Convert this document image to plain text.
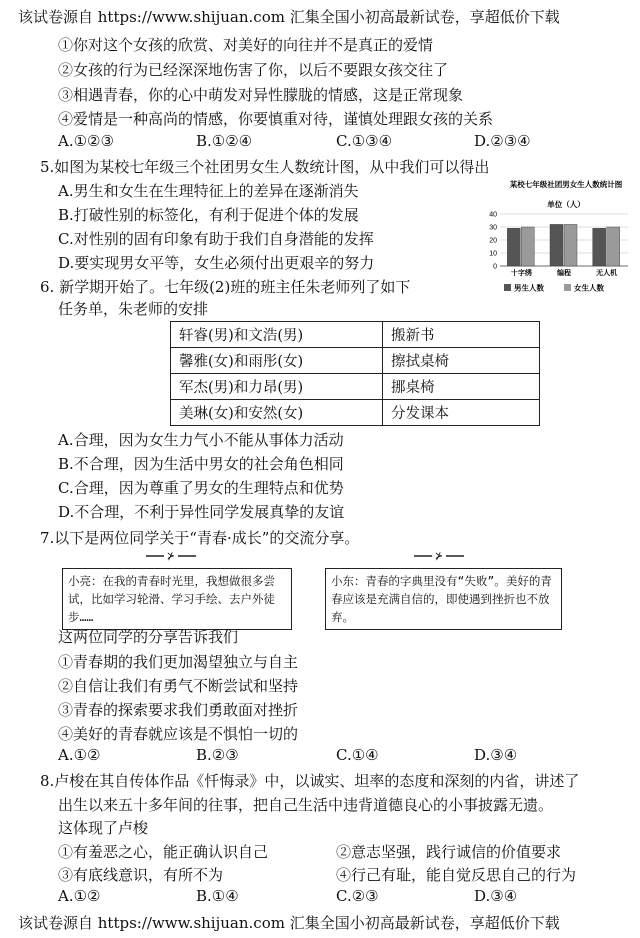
该试卷源自 https://www.shijuan.com 汇集全国小初高最新试卷，享超低价下载
①你对这个女孩的欣赏、对美好的向往并不是真正的爱情
②女孩的行为已经深深地伤害了你，以后不要跟女孩交往了
③相遇青春，你的心中萌发对异性朦胧的情感，这是正常现象
④爱情是一种高尚的情感，你要慎重对待，谨慎处理跟女孩的关系
A.①②③	B.①②④	C.①③④	D.②③④
5.如图为某校七年级三个社团男女生人数统计图，从中我们可以得出
A.男生和女生在生理特征上的差异在逐渐消失
B.打破性别的标签化，有利于促进个体的发展
C.对性别的固有印象有助于我们自身潜能的发挥
D.要实现男女平等，女生必须付出更艰辛的努力
某校七年级社团男女生人数统计图
单位（人）
0
10
20
30
40
十字绣	编程	无人机
男生人数	女生人数
6. 新学期开始了。七年级(2)班的班主任朱老师列了如下
任务单，朱老师的安排
轩睿(男)和文浩(男)	搬新书
馨雅(女)和雨彤(女)	擦拭桌椅
军杰(男)和力昂(男)	挪桌椅
美琳(女)和安然(女)	分发课本
A.合理，因为女生力气小不能从事体力活动
B.不合理，因为生活中男女的社会角色相同
C.合理，因为尊重了男女的生理特点和优势
D.不合理，不利于异性同学发展真挚的友谊
7.以下是两位同学关于“青春·成长”的交流分享。
⊁	⊁
小亮：在我的青春时光里，我想做很多尝试，比如学习轮滑、学习手绘、去户外徒步……
小东：青春的字典里没有“失败”。美好的青春应该是充满自信的，即使遇到挫折也不放弃。
这两位同学的分享告诉我们
①青春期的我们更加渴望独立与自主
②自信让我们有勇气不断尝试和坚持
③青春的探索要求我们勇敢面对挫折
④美好的青春就应该是不惧怕一切的
A.①②	B.②③	C.①④	D.③④
8.卢梭在其自传体作品《忏悔录》中，以诚实、坦率的态度和深刻的内省，讲述了
出生以来五十多年间的往事，把自己生活中违背道德良心的小事披露无遗。
这体现了卢梭
①有羞恶之心，能正确认识自己	②意志坚强，践行诚信的价值要求
③有底线意识，有所不为	④行己有耻，能自觉反思自己的行为
A.①②	B.①④	C.②③	D.③④
该试卷源自 https://www.shijuan.com 汇集全国小初高最新试卷，享超低价下载
